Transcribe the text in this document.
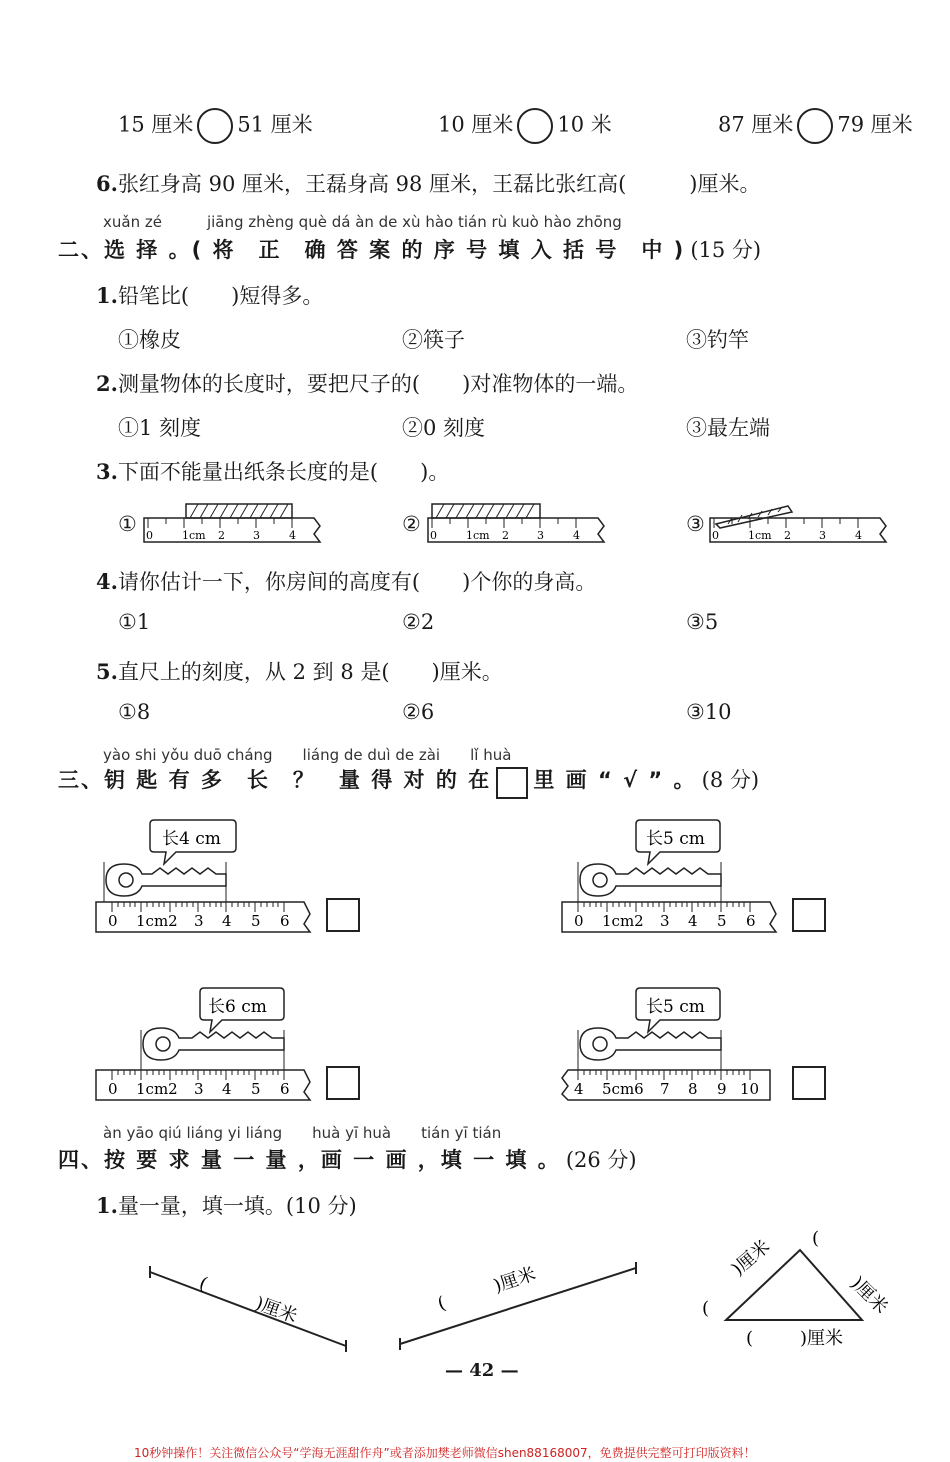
15 厘米 51 厘米	10 厘米 10 米	87 厘米 79 厘米
6.张红身高 90 厘米，王磊身高 98 厘米，王磊比张红高(　　　)厘米。
xuǎn zé　　　jiāng zhèng què dá àn de xù hào tián rù kuò hào zhōng
二、选 择 。( 将　正　确 答 案 的 序 号 填 入 括 号　中 ) (15 分)
1.铅笔比(　　)短得多。
①橡皮	②筷子	③钓竿
2.测量物体的长度时，要把尺子的(　　)对准物体的一端。
①1 刻度	②0 刻度	③最左端
3.下面不能量出纸条长度的是(　　)。
① 0	1cm 2	3	4	② 0	1cm 2	3	4	③ 0	1cm 2	3	4
4.请你估计一下，你房间的高度有(　　)个你的身高。
①1	②2	③5
5.直尺上的刻度，从 2 到 8 是(　　)厘米。
①8	②6	③10
yào shi yǒu duō cháng　　liáng de duì de zài　　lǐ huà
三、钥 匙 有 多　长　？　量 得 对 的 在 里 画 “ √ ” 。 (8 分)
长4 cm
0 1cm2 3 4 5 6
长5 cm
0 1cm2 3 4 5 6
长6 cm
0 1cm2 3 4 5 6
长5 cm
4 5cm6 7 8 9 10
àn yāo qiú liáng yi liáng　　huà yī huà　　tián yī tián
四、按 要 求 量 一 量 ，画 一 画 ，填 一 填 。 (26 分)
1.量一量，填一填。(10 分)
(
)厘米	(
)厘米
(
)厘米 (
)厘米
(	)厘米
— 42 —
10秒钟操作！关注微信公众号“学海无涯甜作舟”或者添加樊老师微信shen88168007，免费提供完整可打印版资料！
